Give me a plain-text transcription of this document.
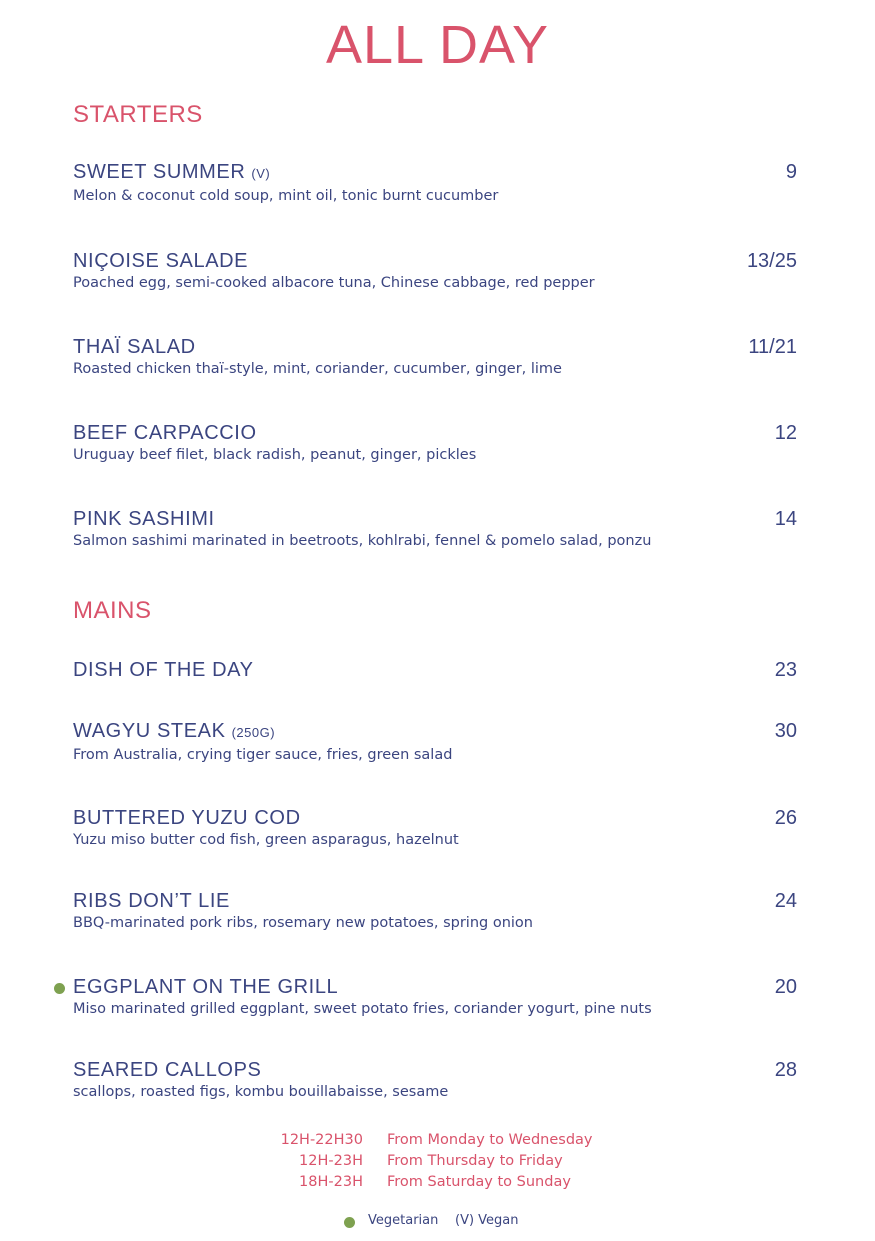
ALL DAY
STARTERS
SWEET SUMMER (V)
Melon & coconut cold soup, mint oil, tonic burnt cucumber
9
NIÇOISE SALADE
Poached egg, semi-cooked albacore tuna, Chinese cabbage, red pepper
13/25
THAÏ SALAD
Roasted chicken thaï-style, mint, coriander, cucumber, ginger, lime
11/21
BEEF CARPACCIO
Uruguay beef filet, black radish, peanut, ginger, pickles
12
PINK SASHIMI
Salmon sashimi marinated in beetroots, kohlrabi, fennel & pomelo salad, ponzu
14
MAINS
DISH OF THE DAY	23
WAGYU STEAK (250G)
From Australia, crying tiger sauce, fries, green salad
30
BUTTERED YUZU COD
Yuzu miso butter cod fish, green asparagus, hazelnut
26
RIBS DON’T LIE
BBQ-marinated pork ribs, rosemary new potatoes, spring onion
24
EGGPLANT ON THE GRILL
Miso marinated grilled eggplant, sweet potato fries, coriander yogurt, pine nuts
20
SEARED CALLOPS
scallops, roasted figs, kombu bouillabaisse, sesame
28
12H-22H30 From Monday to Wednesday
12H-23H From Thursday to Friday
18H-23H From Saturday to Sunday
Vegetarian (V) Vegan
